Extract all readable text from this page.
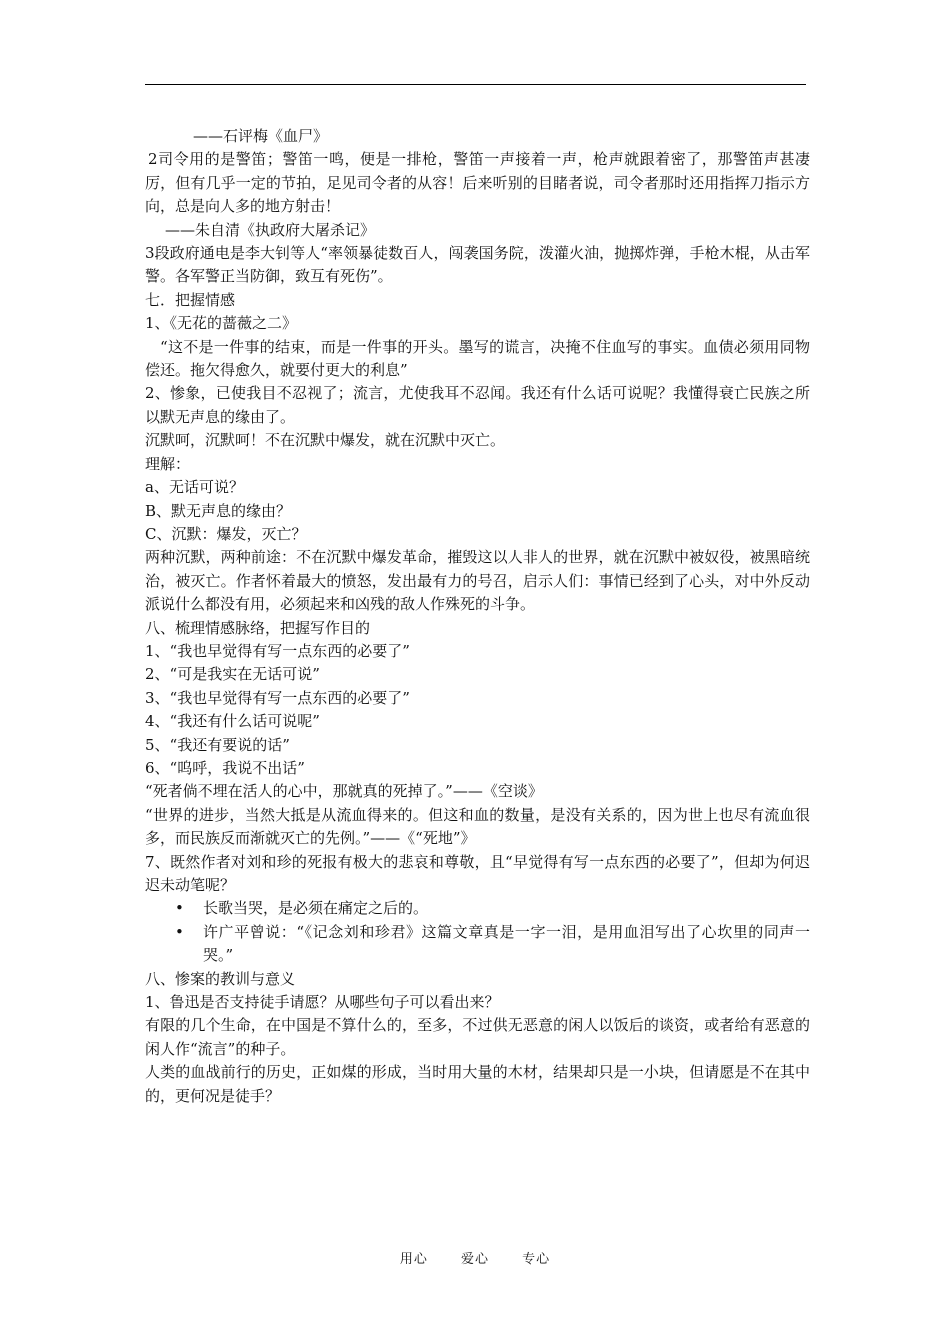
——石评梅《血尸》

2司令用的是警笛；警笛一鸣，便是一排枪，警笛一声接着一声，枪声就跟着密了，那警笛声甚凄厉，但有几乎一定的节拍，足见司令者的从容！后来听别的目睹者说，司令者那时还用指挥刀指示方向，总是向人多的地方射击！

——朱自清《执政府大屠杀记》

3段政府通电是李大钊等人“率领暴徒数百人，闯袭国务院，泼灌火油，抛掷炸弹，手枪木棍，从击军警。各军警正当防御，致互有死伤”。

七．把握情感

1、《无花的蔷薇之二》

“这不是一件事的结束，而是一件事的开头。墨写的谎言，决掩不住血写的事实。血债必须用同物偿还。拖欠得愈久，就要付更大的利息”

2、惨象，已使我目不忍视了；流言，尤使我耳不忍闻。我还有什么话可说呢？我懂得衰亡民族之所以默无声息的缘由了。

沉默呵，沉默呵！不在沉默中爆发，就在沉默中灭亡。

理解：

a、无话可说？

B、默无声息的缘由？

C、沉默：爆发，灭亡？

两种沉默，两种前途：不在沉默中爆发革命，摧毁这以人非人的世界，就在沉默中被奴役，被黑暗统治，被灭亡。作者怀着最大的愤怒，发出最有力的号召，启示人们：事情已经到了心头，对中外反动派说什么都没有用，必须起来和凶残的敌人作殊死的斗争。

八、梳理情感脉络，把握写作目的

1、“我也早觉得有写一点东西的必要了”

2、“可是我实在无话可说”

3、“我也早觉得有写一点东西的必要了”

4、“我还有什么话可说呢”

5、“我还有要说的话”

6、“呜呼，我说不出话”

“死者倘不埋在活人的心中，那就真的死掉了。”——《空谈》

“世界的进步，当然大抵是从流血得来的。但这和血的数量，是没有关系的，因为世上也尽有流血很多，而民族反而渐就灭亡的先例。”——《“死地”》

7、既然作者对刘和珍的死报有极大的悲哀和尊敬，且“早觉得有写一点东西的必要了”，但却为何迟迟未动笔呢？

• 长歌当哭，是必须在痛定之后的。
• 许广平曾说：“《记念刘和珍君》这篇文章真是一字一泪，是用血泪写出了心坎里的同声一哭。”

八、惨案的教训与意义

1、鲁迅是否支持徒手请愿？从哪些句子可以看出来？

有限的几个生命，在中国是不算什么的，至多，不过供无恶意的闲人以饭后的谈资，或者给有恶意的闲人作“流言”的种子。

人类的血战前行的历史，正如煤的形成，当时用大量的木材，结果却只是一小块，但请愿是不在其中的，更何况是徒手？

用心	爱心	专心
